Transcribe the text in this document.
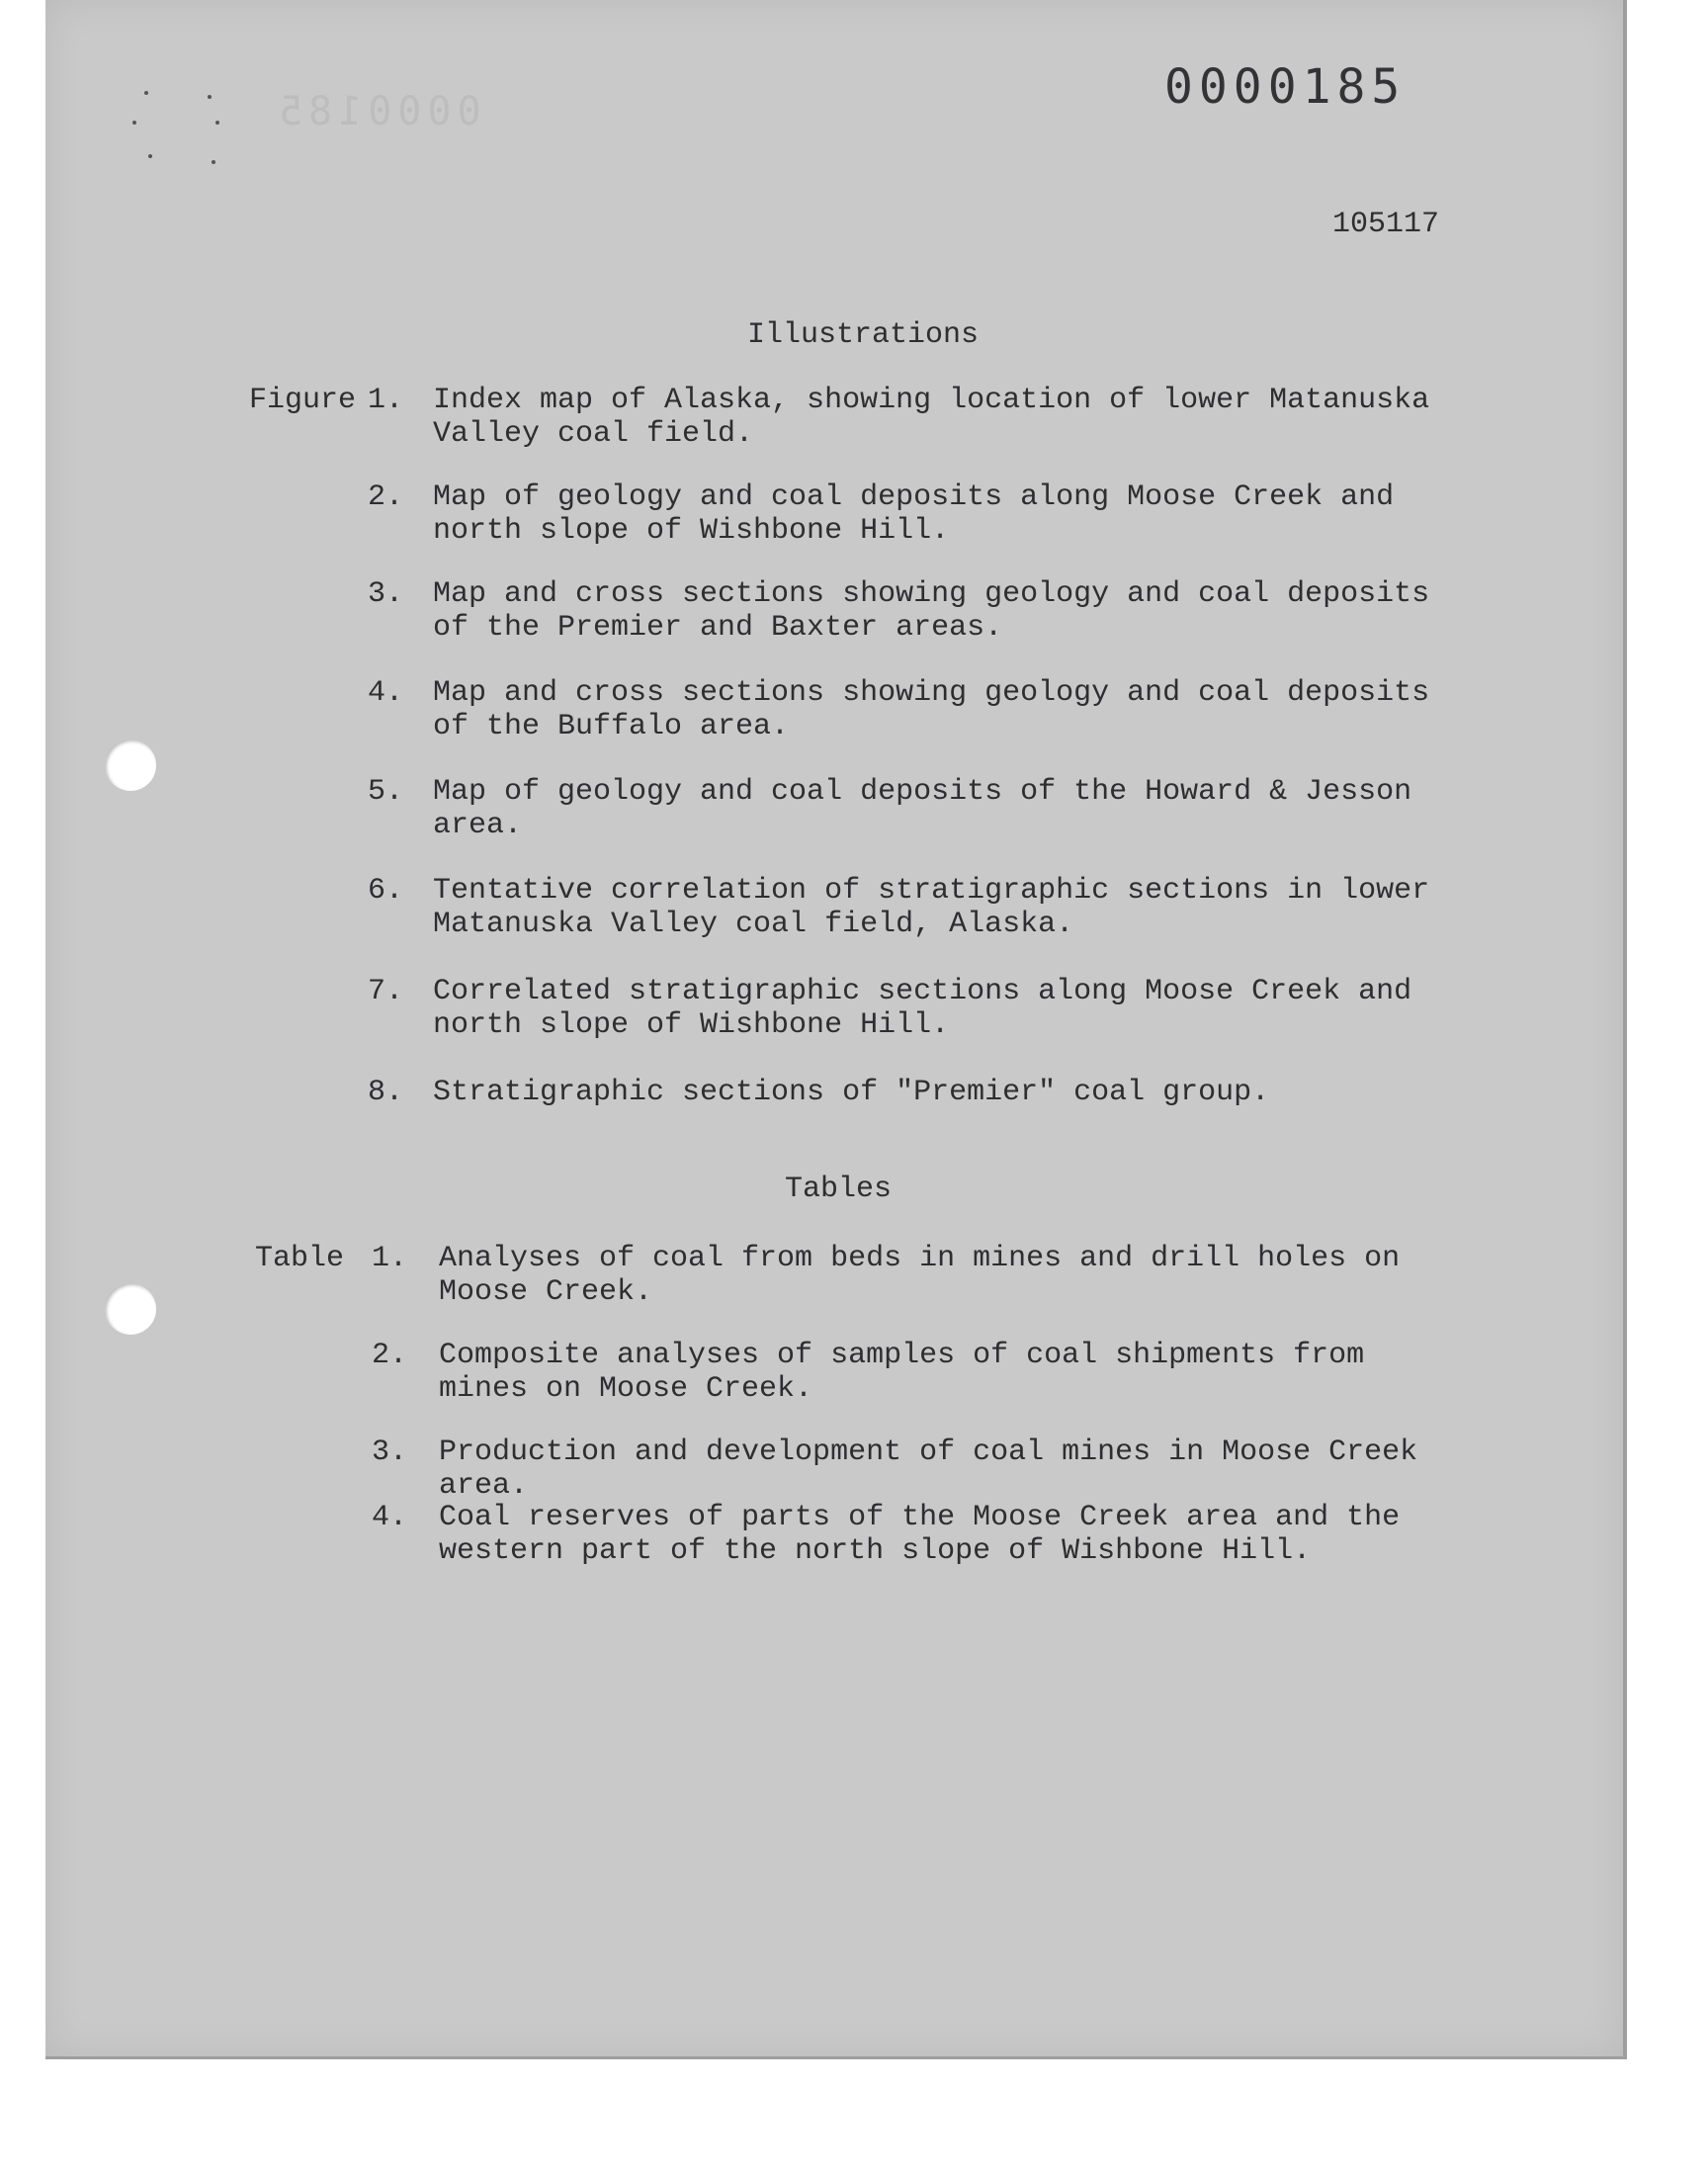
0000185	0000185
105117
Illustrations
Figure 1. Index map of Alaska, showing location of lower Matanuska Valley coal field.
2. Map of geology and coal deposits along Moose Creek and north slope of Wishbone Hill.
3. Map and cross sections showing geology and coal deposits of the Premier and Baxter areas.
4. Map and cross sections showing geology and coal deposits of the Buffalo area.
5. Map of geology and coal deposits of the Howard & Jesson area.
6. Tentative correlation of stratigraphic sections in lower Matanuska Valley coal field, Alaska.
7. Correlated stratigraphic sections along Moose Creek and north slope of Wishbone Hill.
8. Stratigraphic sections of "Premier" coal group.
Tables
Table 1. Analyses of coal from beds in mines and drill holes on Moose Creek.
2. Composite analyses of samples of coal shipments from mines on Moose Creek.
3. Production and development of coal mines in Moose Creek area.
4. Coal reserves of parts of the Moose Creek area and the western part of the north slope of Wishbone Hill.
